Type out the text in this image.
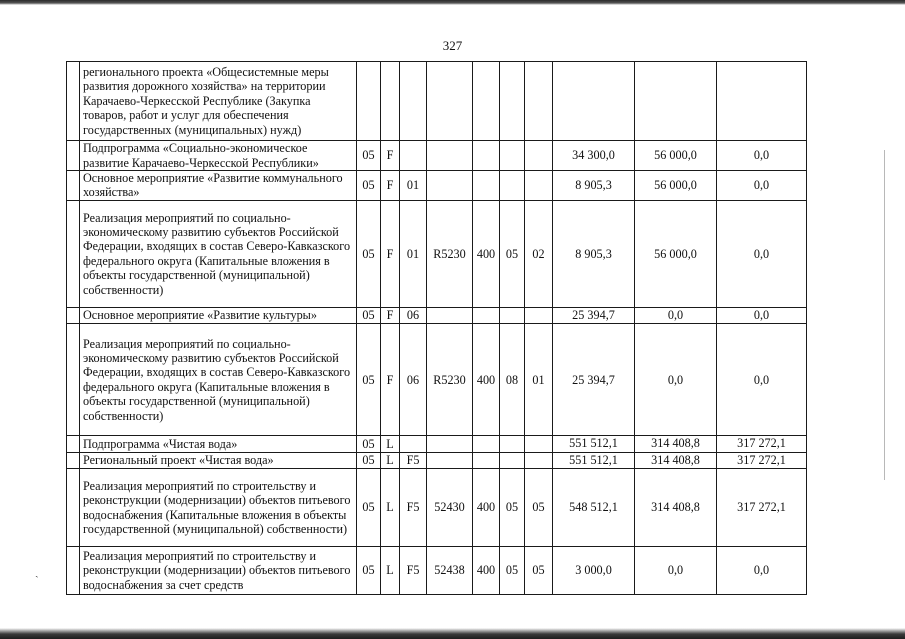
327
ˎ
	регионального проекта «Общесистемные меры развития дорожного хозяйства» на территории Карачаево-Черкесской Республике (Закупка товаров, работ и услуг для обеспечения государственных (муниципальных) нужд)										
	Подпрограмма «Социально-экономическое развитие Карачаево-Черкесской Республики»	05	F						34 300,0	56 000,0	0,0
	Основное мероприятие «Развитие коммунального хозяйства»	05	F	01					8 905,3	56 000,0	0,0
	Реализация мероприятий по социально-экономическому развитию субъектов Российской Федерации, входящих в состав Северо-Кавказского федерального округа (Капитальные вложения в объекты государственной (муниципальной) собственности)	05	F	01	R5230	400	05	02	8 905,3	56 000,0	0,0
	Основное мероприятие «Развитие культуры»	05	F	06					25 394,7	0,0	0,0
	Реализация мероприятий по социально-экономическому развитию субъектов Российской Федерации, входящих в состав Северо-Кавказского федерального округа (Капитальные вложения в объекты государственной (муниципальной) собственности)	05	F	06	R5230	400	08	01	25 394,7	0,0	0,0
	Подпрограмма «Чистая вода»	05	L						551 512,1	314 408,8	317 272,1
	Региональный проект «Чистая вода»	05	L	F5					551 512,1	314 408,8	317 272,1
	Реализация мероприятий по строительству и реконструкции (модернизации) объектов питьевого водоснабжения (Капитальные вложения в объекты государственной (муниципальной) собственности)	05	L	F5	52430	400	05	05	548 512,1	314 408,8	317 272,1
	Реализация мероприятий по строительству и реконструкции (модернизации) объектов питьевого водоснабжения за счет средств	05	L	F5	52438	400	05	05	3 000,0	0,0	0,0
